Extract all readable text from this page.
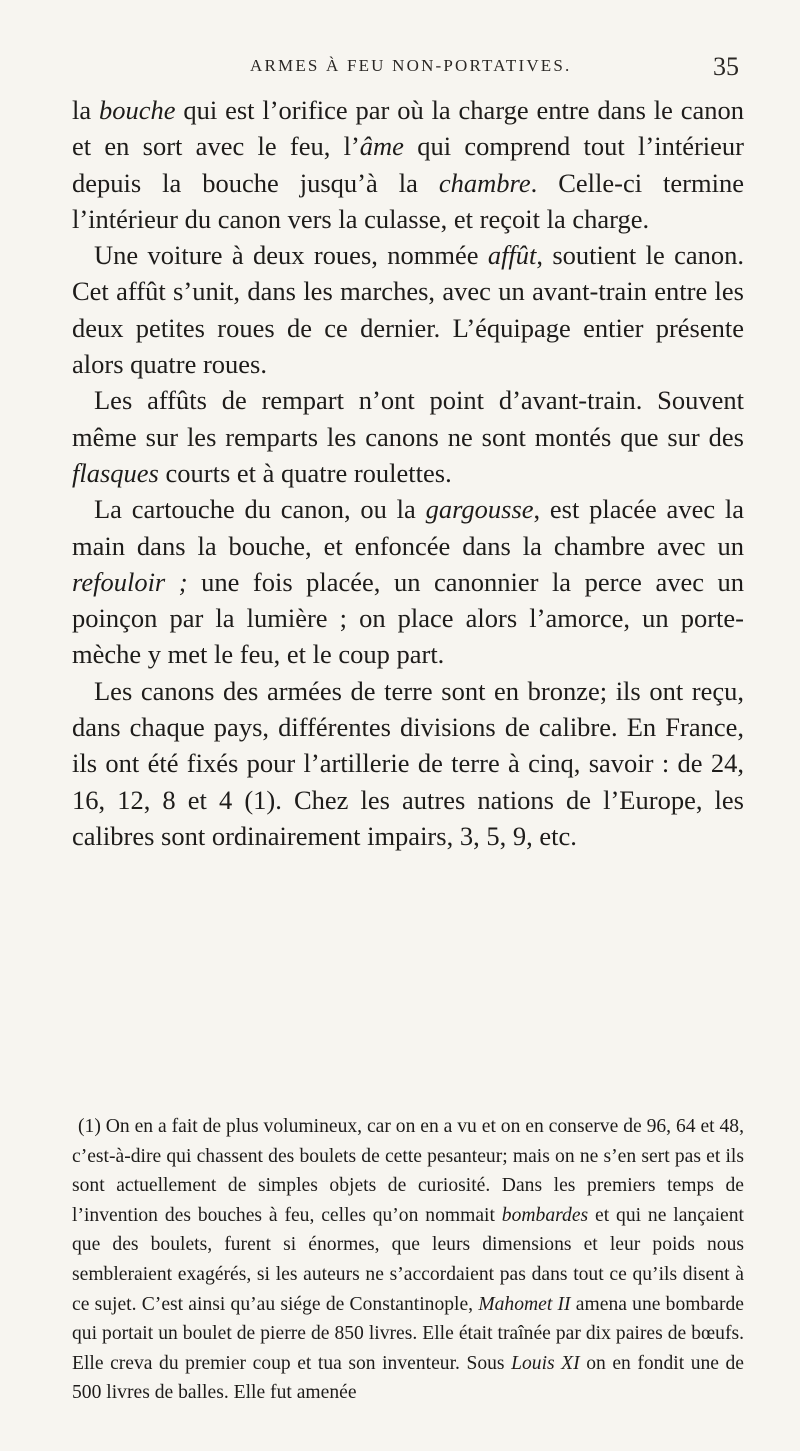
ARMES À FEU NON-PORTATIVES.	35

la bouche qui est l’orifice par où la charge entre dans le canon et en sort avec le feu, l’âme qui comprend tout l’intérieur depuis la bouche jusqu’à la chambre. Celle-ci termine l’intérieur du canon vers la culasse, et reçoit la charge.

Une voiture à deux roues, nommée affût, soutient le canon. Cet affût s’unit, dans les marches, avec un avant-train entre les deux petites roues de ce dernier. L’équipage entier présente alors quatre roues.

Les affûts de rempart n’ont point d’avant-train. Souvent même sur les remparts les canons ne sont montés que sur des flasques courts et à quatre roulettes.

La cartouche du canon, ou la gargousse, est placée avec la main dans la bouche, et enfoncée dans la chambre avec un refouloir ; une fois placée, un canonnier la perce avec un poinçon par la lumière ; on place alors l’amorce, un porte-mèche y met le feu, et le coup part.

Les canons des armées de terre sont en bronze; ils ont reçu, dans chaque pays, différentes divisions de calibre. En France, ils ont été fixés pour l’artillerie de terre à cinq, savoir : de 24, 16, 12, 8 et 4 (1). Chez les autres nations de l’Europe, les calibres sont ordinairement impairs, 3, 5, 9, etc.

(1) On en a fait de plus volumineux, car on en a vu et on en conserve de 96, 64 et 48, c’est-à-dire qui chassent des boulets de cette pesanteur; mais on ne s’en sert pas et ils sont actuellement de simples objets de curiosité. Dans les premiers temps de l’invention des bouches à feu, celles qu’on nommait bombardes et qui ne lançaient que des boulets, furent si énormes, que leurs dimensions et leur poids nous sembleraient exagérés, si les auteurs ne s’accordaient pas dans tout ce qu’ils disent à ce sujet. C’est ainsi qu’au siége de Constantinople, Mahomet II amena une bombarde qui portait un boulet de pierre de 850 livres. Elle était traînée par dix paires de bœufs. Elle creva du premier coup et tua son inventeur. Sous Louis XI on en fondit une de 500 livres de balles. Elle fut amenée
